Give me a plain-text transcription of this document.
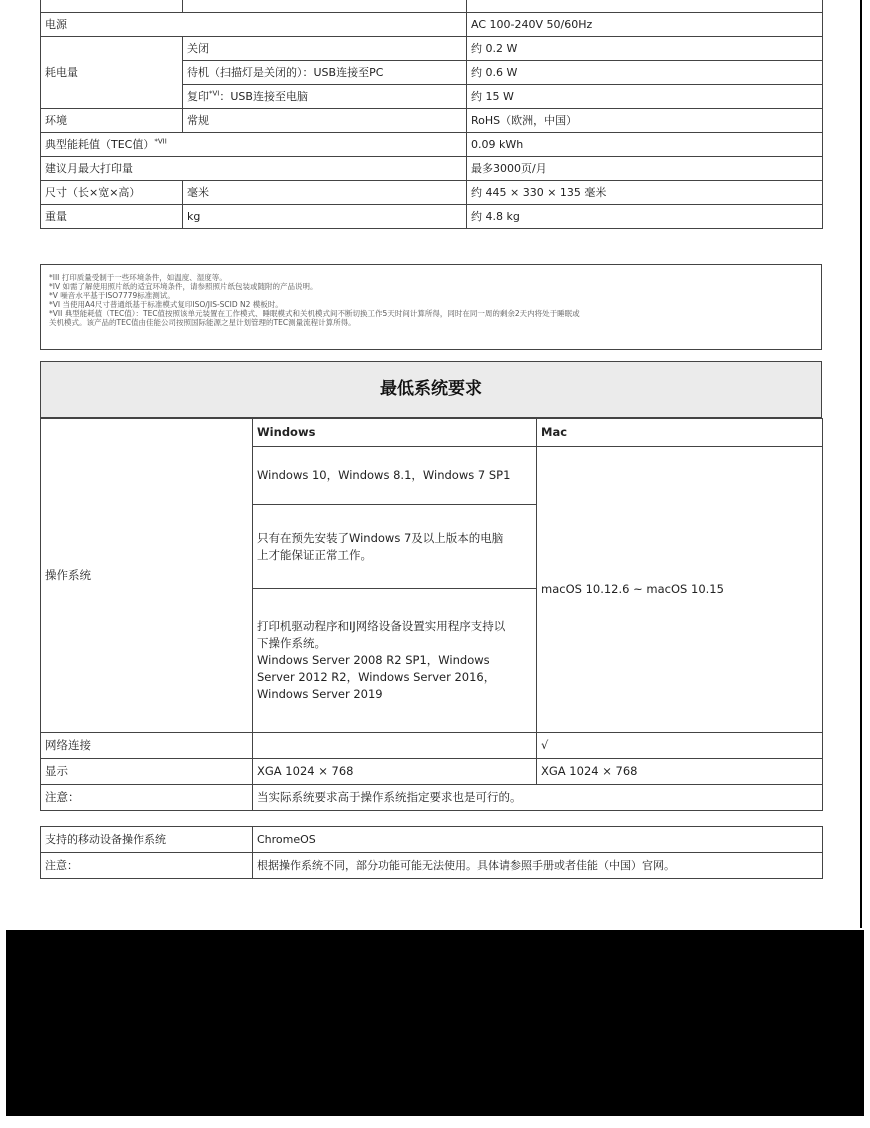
电源		AC 100-240V 50/60Hz
耗电量	关闭	约 0.2 W
	待机（扫描灯是关闭的）：USB连接至PC	约 0.6 W
	复印$^{*VI}$：USB连接至电脑	约 15 W
环境	常规	RoHS（欧洲，中国）
典型能耗值（TEC值）$^{*VII}$		0.09 kWh
建议月最大打印量		最多3000页/月
尺寸（长×宽×高）	毫米	约 445 × 330 × 135 毫米
重量	kg	约 4.8 kg
*III 打印质量受制于一些环境条件，如温度、湿度等。
*IV 如需了解使用照片纸的适宜环境条件，请参照照片纸包装或随附的产品说明。
*V 噪音水平基于ISO7779标准测试。
*VI 当使用A4尺寸普通纸基于标准模式复印ISO/JIS-SCID N2 模板时。
*VII 典型能耗值（TEC值）：TEC值按照该单元装置在工作模式、睡眠模式和关机模式间不断切换工作5天时间计算所得，同时在同一周的剩余2天内将处于睡眠或
关机模式。该产品的TEC值由佳能公司按照国际能源之星计划管理的TEC测量流程计算所得。
最低系统要求
操作系统	Windows	Mac
	Windows 10，Windows 8.1，Windows 7 SP1	macOS 10.12.6 ~ macOS 10.15

	只有在预先安装了Windows 7及以上版本的电脑
上才能保证正常工作。	

	打印机驱动程序和IJ网络设备设置实用程序支持以
下操作系统。
Windows Server 2008 R2 SP1，Windows
Server 2012 R2，Windows Server 2016，
Windows Server 2019	

网络连接		√
显示	XGA 1024 × 768	XGA 1024 × 768
注意：	当实际系统要求高于操作系统指定要求也是可行的。	
支持的移动设备操作系统	ChromeOS
注意：	根据操作系统不同，部分功能可能无法使用。具体请参照手册或者佳能（中国）官网。
